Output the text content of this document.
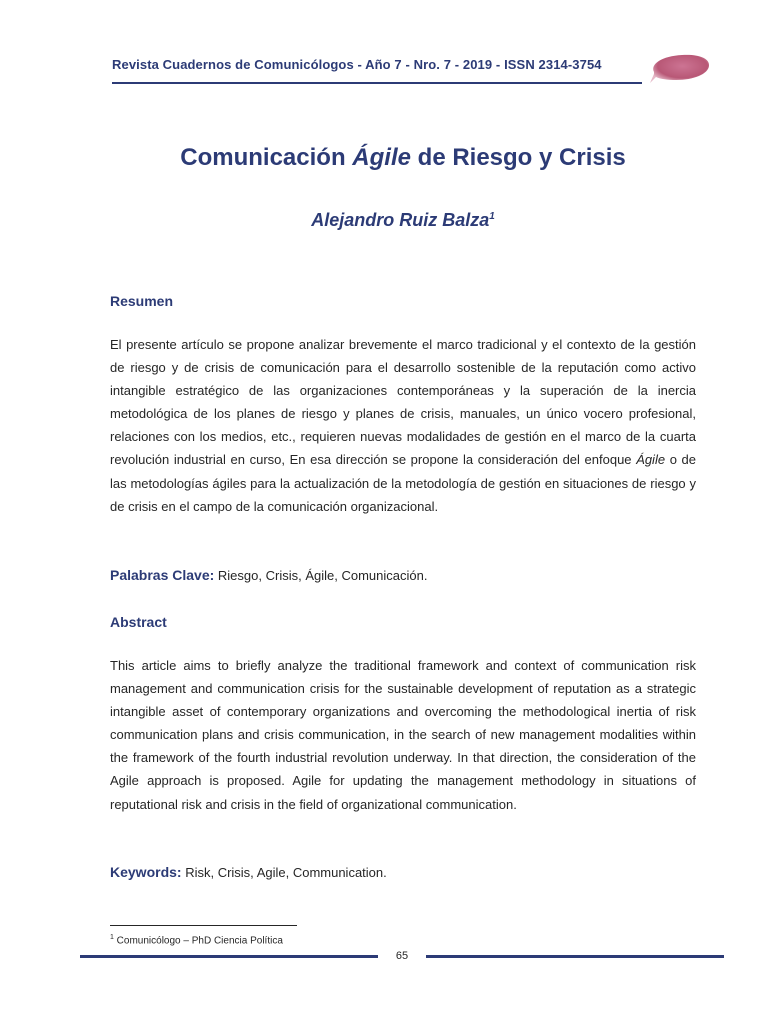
Revista Cuadernos de Comunicólogos - Año 7 - Nro. 7 - 2019 - ISSN 2314-3754
Comunicación Ágile de Riesgo y Crisis
Alejandro Ruiz Balza$^1$
Resumen
El presente artículo se propone analizar brevemente el marco tradicional y el contexto de la gestión de riesgo y de crisis de comunicación para el desarrollo sostenible de la reputación como activo intangible estratégico de las organizaciones contemporáneas y la superación de la inercia metodológica de los planes de riesgo y planes de crisis, manuales, un único vocero profesional, relaciones con los medios, etc., requieren nuevas modalidades de gestión en el marco de la cuarta revolución industrial en curso, En esa dirección se propone la consideración del enfoque Ágile o de las metodologías ágiles para la actualización de la metodología de gestión en situaciones de riesgo y de crisis en el campo de la comunicación organizacional.
Palabras Clave: Riesgo, Crisis, Ágile, Comunicación.
Abstract
This article aims to briefly analyze the traditional framework and context of communication risk management and communication crisis for the sustainable development of reputation as a strategic intangible asset of contemporary organizations and overcoming the methodological inertia of risk communication plans and crisis communication, in the search of new management modalities within the framework of the fourth industrial revolution underway. In that direction, the consideration of the Agile approach is proposed. Agile for updating the management methodology in situations of reputational risk and crisis in the field of organizational communication.
Keywords: Risk, Crisis, Agile, Communication.
$^1$ Comunicólogo – PhD Ciencia Política
65
